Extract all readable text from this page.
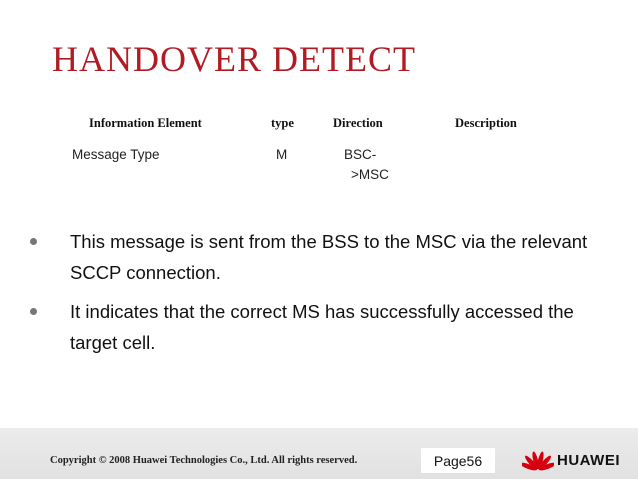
HANDOVER DETECT
Information Element	type	Direction	Description
Message Type	M	BSC-
>MSC
This message is sent from the BSS to the MSC via the relevant SCCP connection.
It indicates that the correct MS has successfully accessed the target cell.
Copyright © 2008 Huawei Technologies Co., Ltd. All rights reserved.	Page56	HUAWEI
